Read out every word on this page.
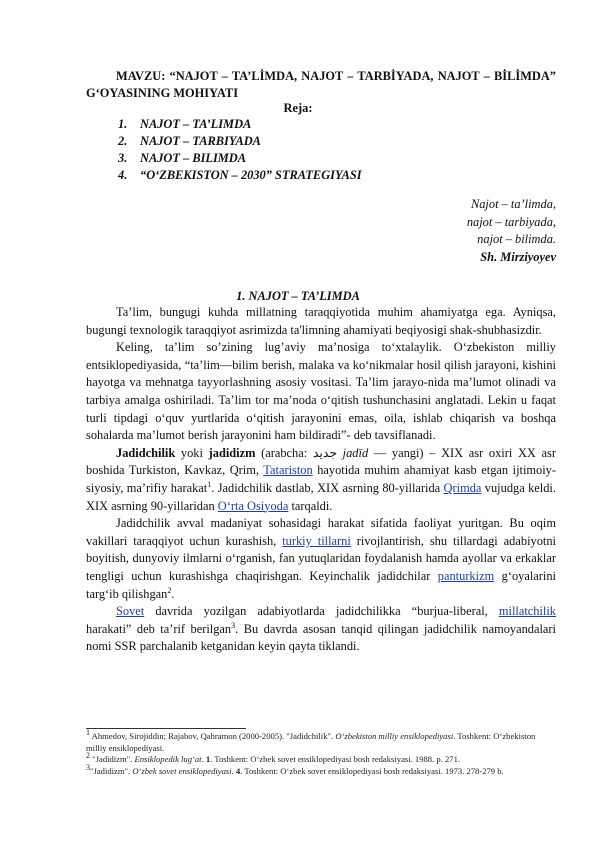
MAVZU: “NAJOT – TA’LİMDA, NAJOT – TARBİYADA, NAJOT – BİLİMDA” G‘OYASINING MOHIYATI
Reja:
1.	NAJOT – TA’LIMDA
2.	NAJOT – TARBIYADA
3.	NAJOT – BILIMDA
4.	“O‘ZBEKISTON – 2030” STRATEGIYASI
Najot – ta’limda,
najot – tarbiyada,
najot – bilimda.
Sh. Mirziyoyev
1. NAJOT – TA’LIMDA

Ta’lim, bungugi kuhda millatning taraqqiyotida muhim ahamiyatga ega. Ayniqsa, bugungi texnologik taraqqiyot asrimizda ta'limning ahamiyati beqiyosigi shak-shubhasizdir.

Keling, ta’lim so’zining lug’aviy ma’nosiga to‘xtalaylik. O‘zbekiston milliy entsiklopediyasida, “ta’lim—bilim berish, malaka va ko‘nikmalar hosil qilish jarayoni, kishini hayotga va mehnatga tayyorlashning asosiy vositasi. Ta’lim jarayo-nida ma’lumot olinadi va tarbiya amalga oshiriladi. Ta’lim tor ma’noda o‘qitish tushunchasini anglatadi. Lekin u faqat turli tipdagi o‘quv yurtlarida o‘qitish jarayonini emas, oila, ishlab chiqarish va boshqa sohalarda ma’lumot berish jarayonini ham bildiradi”- deb tavsiflanadi.

Jadidchilik yoki jadidizm (arabcha: جديد jadīd — yangi) – XIX asr oxiri XX asr boshida Turkiston, Kavkaz, Qrim, Tatariston hayotida muhim ahamiyat kasb etgan ijtimoiy-siyosiy, ma’rifiy harakat$^1$. Jadidchilik dastlab, XIX asrning 80-yillarida Qrimda vujudga keldi. XIX asrning 90-yillaridan O‘rta Osiyoda tarqaldi.

Jadidchilik avval madaniyat sohasidagi harakat sifatida faoliyat yuritgan. Bu oqim vakillari taraqqiyot uchun kurashish, turkiy tillarni rivojlantirish, shu tillardagi adabiyotni boyitish, dunyoviy ilmlarni o‘rganish, fan yutuqlaridan foydalanish hamda ayollar va erkaklar tengligi uchun kurashishga chaqirishgan. Keyinchalik jadidchilar panturkizm g‘oyalarini targ‘ib qilishgan$^2$.

Sovet davrida yozilgan adabiyotlarda jadidchilikka “burjua-liberal, millatchilik harakati” deb ta’rif berilgan$^3$. Bu davrda asosan tanqid qilingan jadidchilik namoyandalari nomi SSR parchalanib ketganidan keyin qayta tiklandi.

$^1$ Ahmedov, Sirojiddin; Rajabov, Qahramon (2000-2005). "Jadidchilik". O‘zbekiston milliy ensiklopediyasi. Toshkent: O‘zbekiston milliy ensiklopediyasi.

$^2$ "Jadidizm". Ensiklopedik lug‘at. 1. Toshkent: O‘zbek sovet ensiklopediyasi bosh redaksiyasi. 1988. p. 271.

$^3$"Jadidizm". O‘zbek sovet ensiklopediyasi. 4. Toshkent: O‘zbek sovet ensiklopediyasi bosh redaksiyasi. 1973. 278-279 b.
